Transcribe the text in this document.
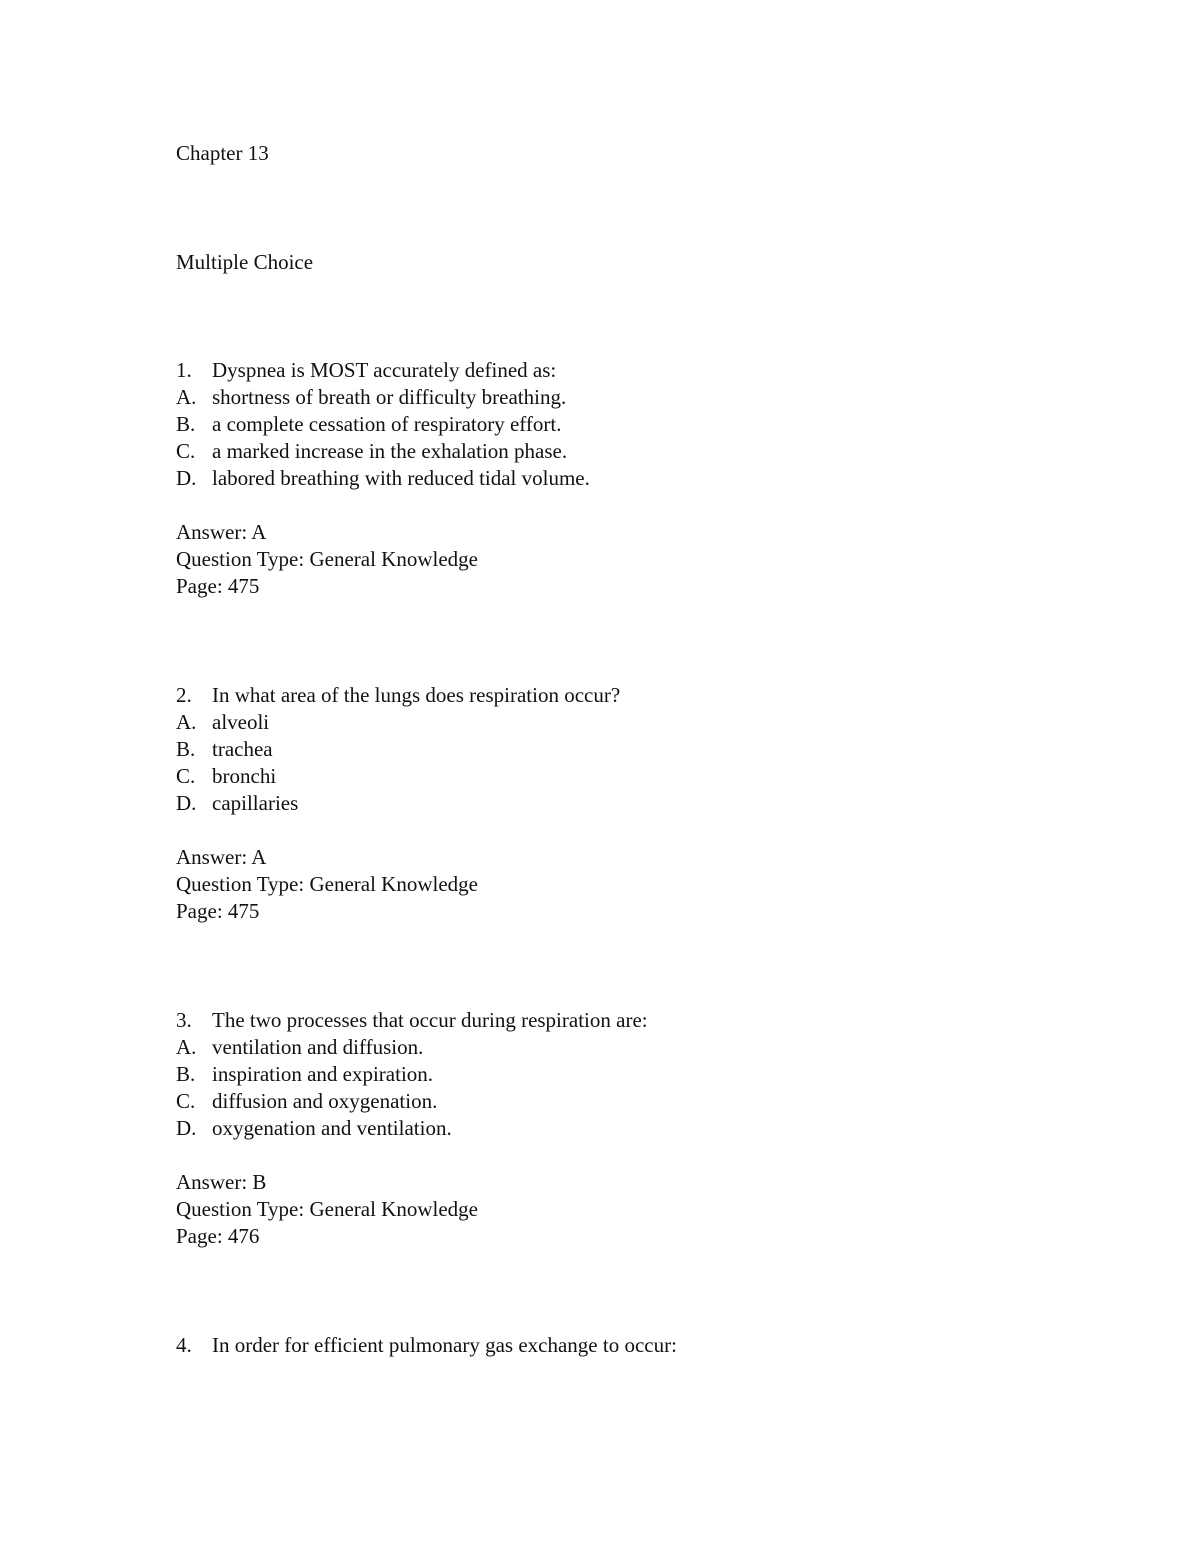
Chapter 13
Multiple Choice
1. Dyspnea is MOST accurately defined as:
A. shortness of breath or difficulty breathing.
B. a complete cessation of respiratory effort.
C. a marked increase in the exhalation phase.
D. labored breathing with reduced tidal volume.
Answer: A
Question Type: General Knowledge
Page: 475
2. In what area of the lungs does respiration occur?
A. alveoli
B. trachea
C. bronchi
D. capillaries
Answer: A
Question Type: General Knowledge
Page: 475
3. The two processes that occur during respiration are:
A. ventilation and diffusion.
B. inspiration and expiration.
C. diffusion and oxygenation.
D. oxygenation and ventilation.
Answer: B
Question Type: General Knowledge
Page: 476
4. In order for efficient pulmonary gas exchange to occur:
